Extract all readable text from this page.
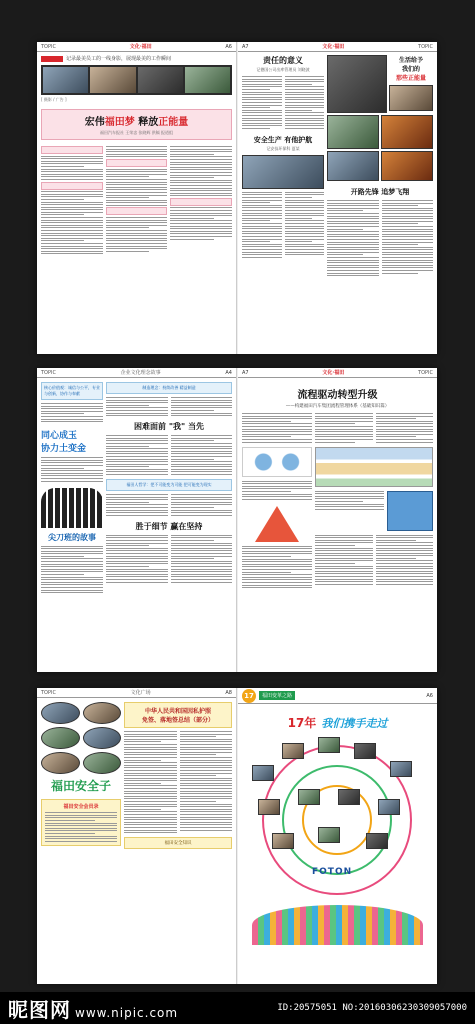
TOPIC	文化·福田	A6
记录最美员工的一线身影，展现最美的工作瞬间
[ 摄影 / 广告 ]
宏伟福田梦 释放正能量
福田汽车报社 王荣忠 张晓辉 供稿 报道组
A7	文化·福田	TOPIC
责任的意义
记德国公司出库管理员 刘晓波
安全生产 有他护航
记安技环保科 夏某
生活给予
我们的
那些正能量
开路先锋 追梦飞翔
TOPIC	企业文化理念故事	A4
核心价值观：诚信与公平，专业与创新，协作与奉献
同心成玉
协力土变金
尖刀班的故事
制造理念：持续改善 精益制造
困难面前 "我" 当先
福田人哲学：把不可能变为可能 把可能变为现实
胜于细节 赢在坚持
A7	文化·福田	TOPIC
流程驱动转型升级
——构建福田汽车集团流程管理体系（基础知识篇）
TOPIC	文化广场	A8
福田安全子
福田安全会员录
中华人民共和国因私护照
免签、落地签总结（部分）
福田安全知识
17	福田变革之路	A6
17年 我们携手走过
FOTON
昵图网 www.nipic.com	ID:20575051 NO:20160306230309057000
